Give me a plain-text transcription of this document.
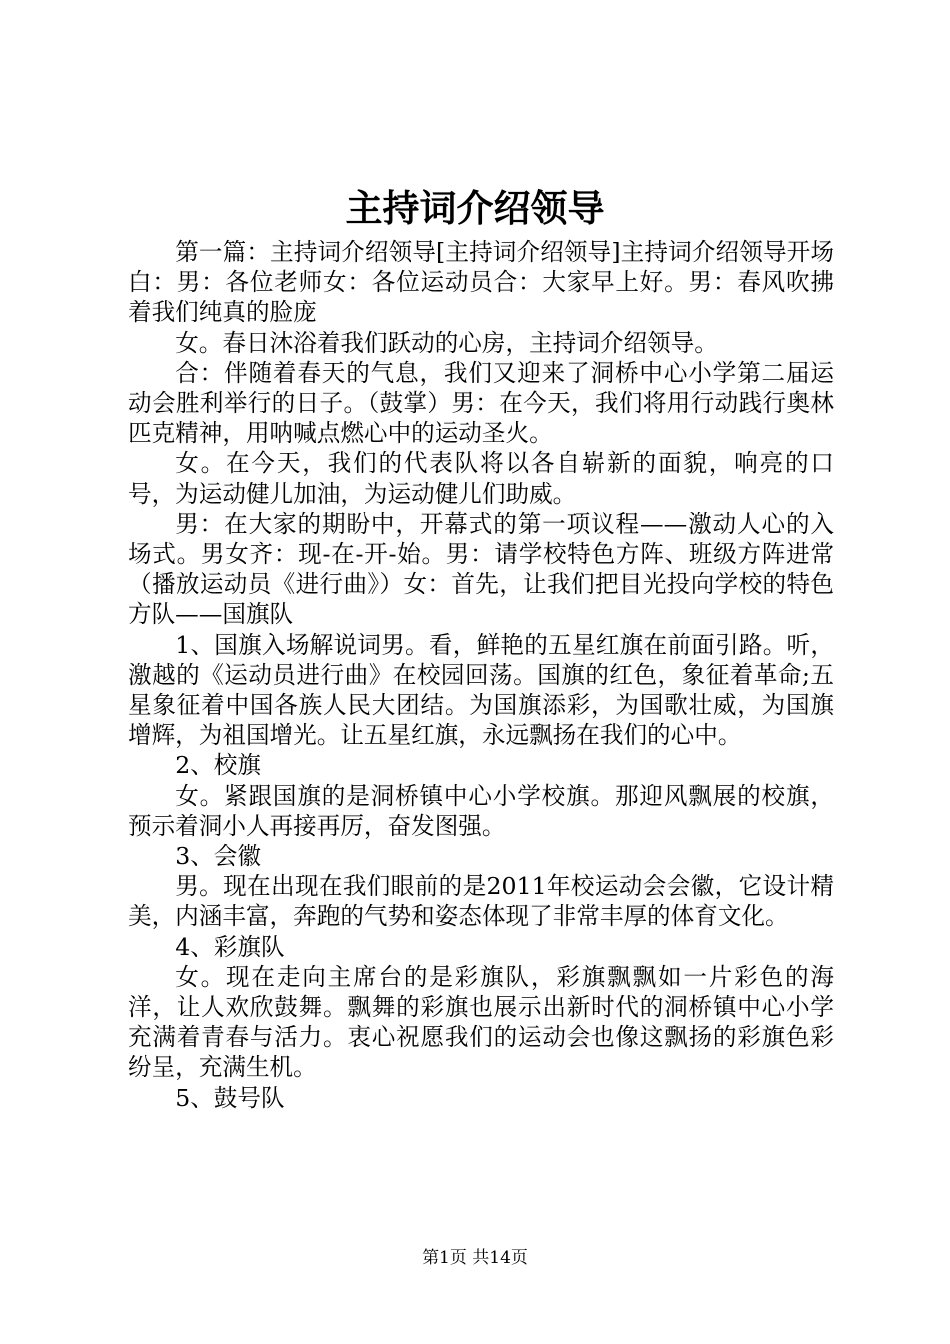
主持词介绍领导

第一篇：主持词介绍领导[主持词介绍领导]主持词介绍领导开场白：男：各位老师女：各位运动员合：大家早上好。男：春风吹拂着我们纯真的脸庞

女。春日沐浴着我们跃动的心房，主持词介绍领导。

合：伴随着春天的气息，我们又迎来了洞桥中心小学第二届运动会胜利举行的日子。（鼓掌）男：在今天，我们将用行动践行奥林匹克精神，用呐喊点燃心中的运动圣火。

女。在今天，我们的代表队将以各自崭新的面貌，响亮的口号，为运动健儿加油，为运动健儿们助威。

男：在大家的期盼中，开幕式的第一项议程——激动人心的入场式。男女齐：现-在-开-始。男：请学校特色方阵、班级方阵进常（播放运动员《进行曲》）女：首先，让我们把目光投向学校的特色方队——国旗队

1、国旗入场解说词男。看，鲜艳的五星红旗在前面引路。听，激越的《运动员进行曲》在校园回荡。国旗的红色，象征着革命;五星象征着中国各族人民大团结。为国旗添彩，为国歌壮威，为国旗增辉，为祖国增光。让五星红旗，永远飘扬在我们的心中。

2、校旗

女。紧跟国旗的是洞桥镇中心小学校旗。那迎风飘展的校旗，预示着洞小人再接再厉，奋发图强。

3、会徽

男。现在出现在我们眼前的是2011年校运动会会徽，它设计精美，内涵丰富，奔跑的气势和姿态体现了非常丰厚的体育文化。

4、彩旗队

女。现在走向主席台的是彩旗队，彩旗飘飘如一片彩色的海洋，让人欢欣鼓舞。飘舞的彩旗也展示出新时代的洞桥镇中心小学充满着青春与活力。衷心祝愿我们的运动会也像这飘扬的彩旗色彩纷呈，充满生机。

5、鼓号队

第1页 共14页
